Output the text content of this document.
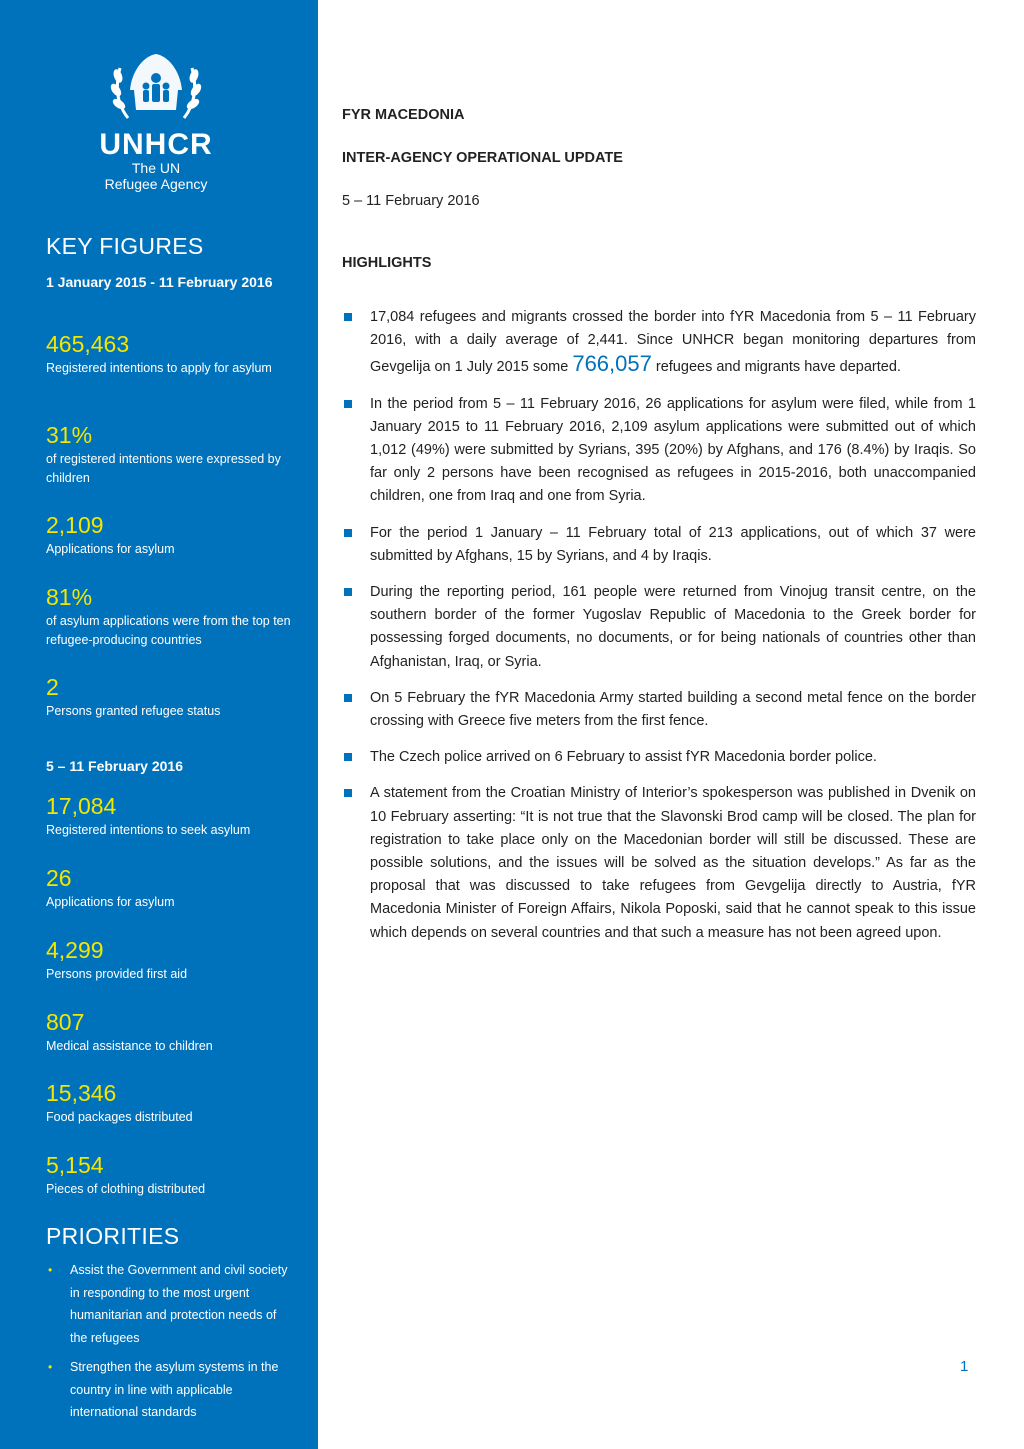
UNHCR
The UN
Refugee Agency
KEY FIGURES
1 January 2015 - 11 February 2016
465,463
Registered intentions to apply for asylum
31%
of registered intentions were expressed by children
2,109
Applications for asylum
81%
of asylum applications were from the top ten refugee-producing countries
2
Persons granted refugee status
5 – 11 February 2016
17,084
Registered intentions to seek asylum
26
Applications for asylum
4,299
Persons provided first aid
807
Medical assistance to children
15,346
Food packages distributed
5,154
Pieces of clothing distributed
PRIORITIES
• Assist the Government and civil society in responding to the most urgent humanitarian and protection needs of the refugees
• Strengthen the asylum systems in the country in line with applicable international standards
FYR MACEDONIA
INTER-AGENCY OPERATIONAL UPDATE
5 – 11 February 2016
HIGHLIGHTS
17,084 refugees and migrants crossed the border into fYR Macedonia from 5 – 11 February 2016, with a daily average of 2,441. Since UNHCR began monitoring departures from Gevgelija on 1 July 2015 some 766,057 refugees and migrants have departed.
In the period from 5 – 11 February 2016, 26 applications for asylum were filed, while from 1 January 2015 to 11 February 2016, 2,109 asylum applications were submitted out of which 1,012 (49%) were submitted by Syrians, 395 (20%) by Afghans, and 176 (8.4%) by Iraqis. So far only 2 persons have been recognised as refugees in 2015-2016, both unaccompanied children, one from Iraq and one from Syria.
For the period 1 January – 11 February total of 213 applications, out of which 37 were submitted by Afghans, 15 by Syrians, and 4 by Iraqis.
During the reporting period, 161 people were returned from Vinojug transit centre, on the southern border of the former Yugoslav Republic of Macedonia to the Greek border for possessing forged documents, no documents, or for being nationals of countries other than Afghanistan, Iraq, or Syria.
On 5 February the fYR Macedonia Army started building a second metal fence on the border crossing with Greece five meters from the first fence.
The Czech police arrived on 6 February to assist fYR Macedonia border police.
A statement from the Croatian Ministry of Interior’s spokesperson was published in Dvenik on 10 February asserting: “It is not true that the Slavonski Brod camp will be closed. The plan for registration to take place only on the Macedonian border will still be discussed. These are possible solutions, and the issues will be solved as the situation develops.” As far as the proposal that was discussed to take refugees from Gevgelija directly to Austria, fYR Macedonia Minister of Foreign Affairs, Nikola Poposki, said that he cannot speak to this issue which depends on several countries and that such a measure has not been agreed upon.
1
